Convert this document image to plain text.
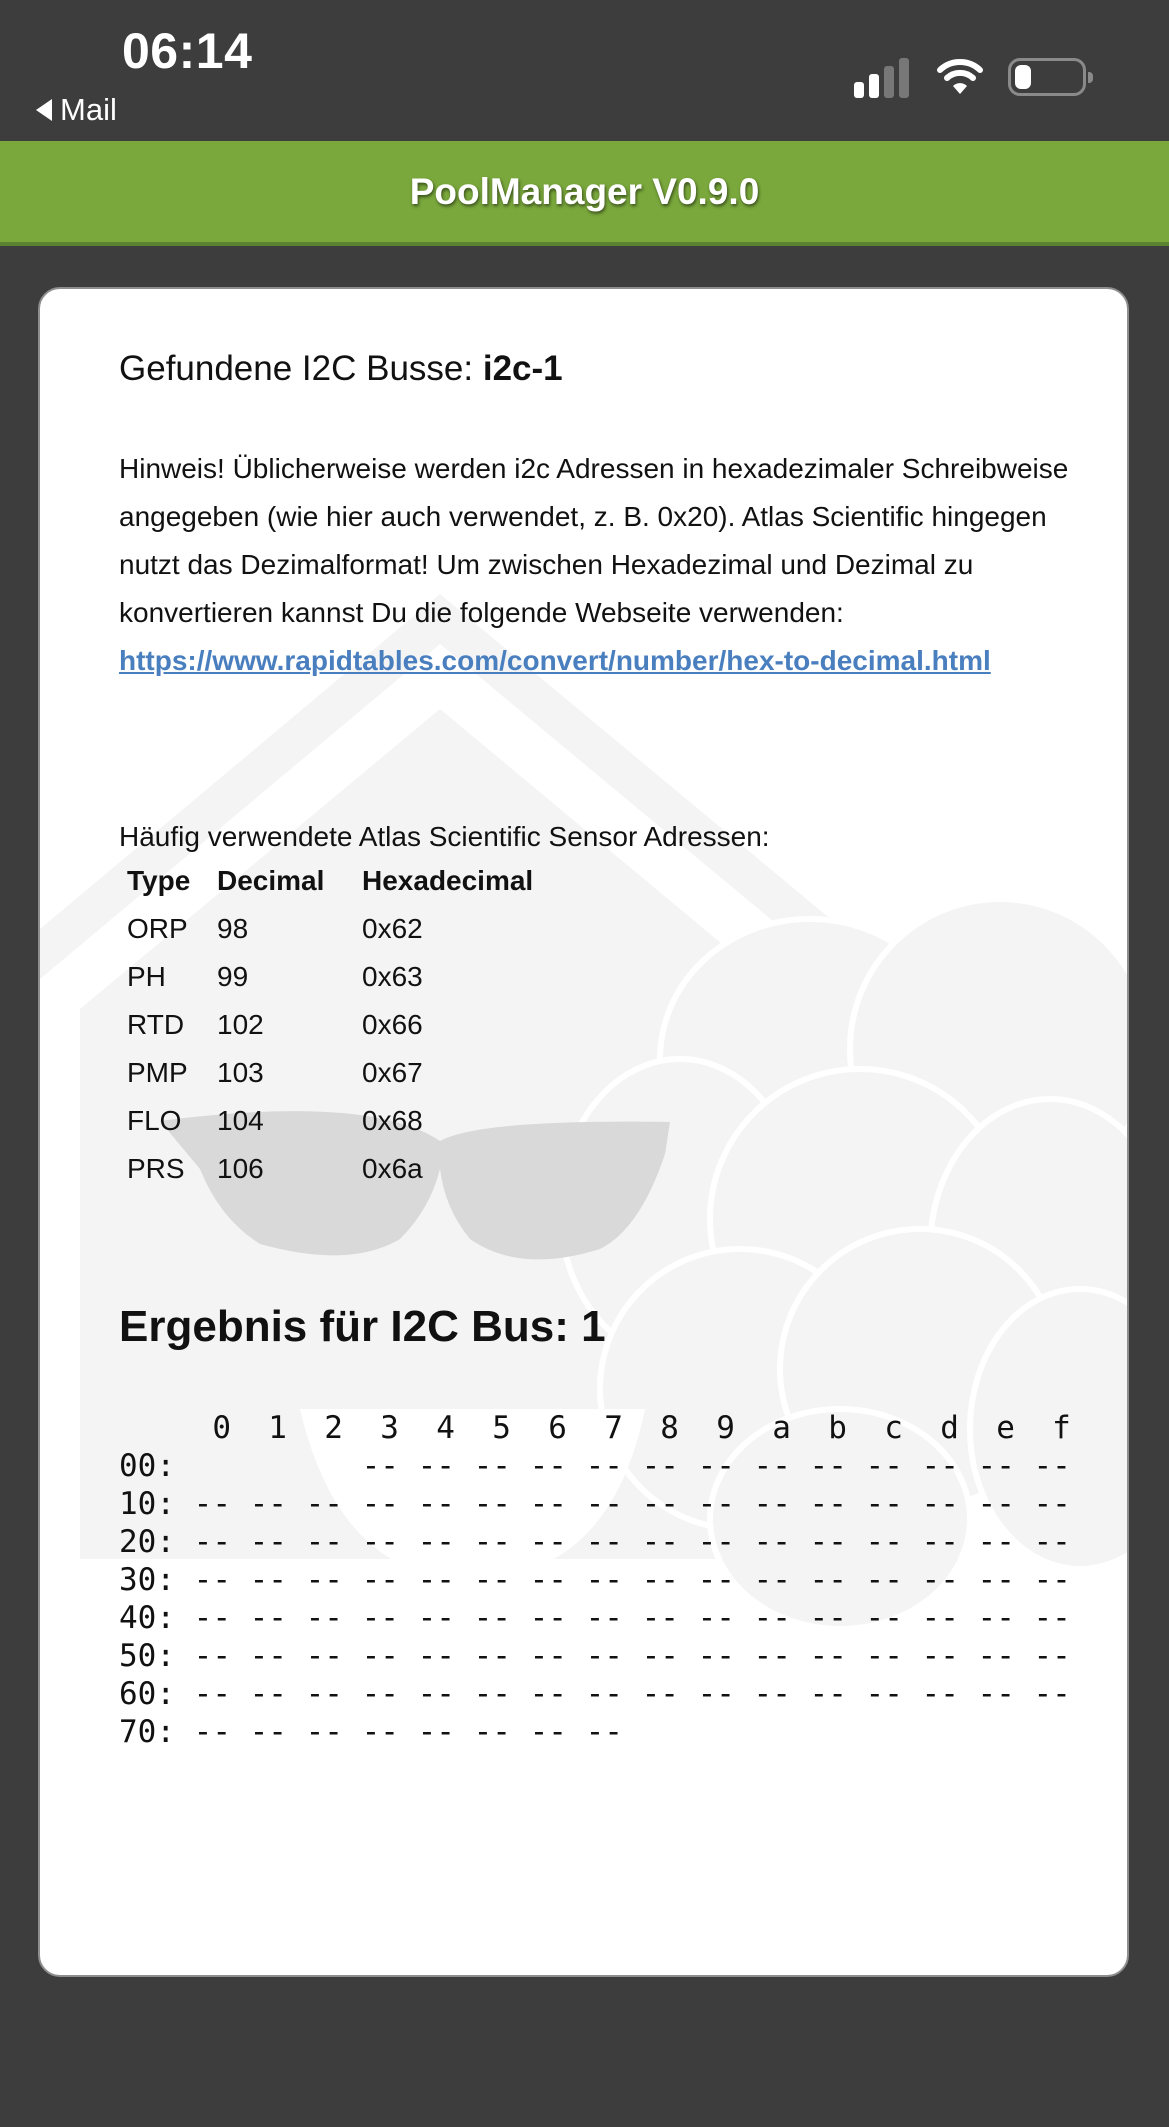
06:14
Mail
PoolManager V0.9.0
Gefundene I2C Busse: i2c-1
Hinweis! Üblicherweise werden i2c Adressen in hexadezimaler Schreibweise angegeben (wie hier auch verwendet, z. B. 0x20). Atlas Scientific hingegen nutzt das Dezimalformat! Um zwischen Hexadezimal und Dezimal zu konvertieren kannst Du die folgende Webseite verwenden:
https://www.rapidtables.com/convert/number/hex-to-decimal.html
Häufig verwendete Atlas Scientific Sensor Adressen:
Type	Decimal	Hexadecimal
ORP	98	0x62
PH	99	0x63
RTD	102	0x66
PMP	103	0x67
FLO	104	0x68
PRS	106	0x6a
Ergebnis für I2C Bus: 1
0  1  2  3  4  5  6  7  8  9  a  b  c  d  e  f
00:          -- -- -- -- -- -- -- -- -- -- -- -- --
10: -- -- -- -- -- -- -- -- -- -- -- -- -- -- -- --
20: -- -- -- -- -- -- -- -- -- -- -- -- -- -- -- --
30: -- -- -- -- -- -- -- -- -- -- -- -- -- -- -- --
40: -- -- -- -- -- -- -- -- -- -- -- -- -- -- -- --
50: -- -- -- -- -- -- -- -- -- -- -- -- -- -- -- --
60: -- -- -- -- -- -- -- -- -- -- -- -- -- -- -- --
70: -- -- -- -- -- -- -- --
